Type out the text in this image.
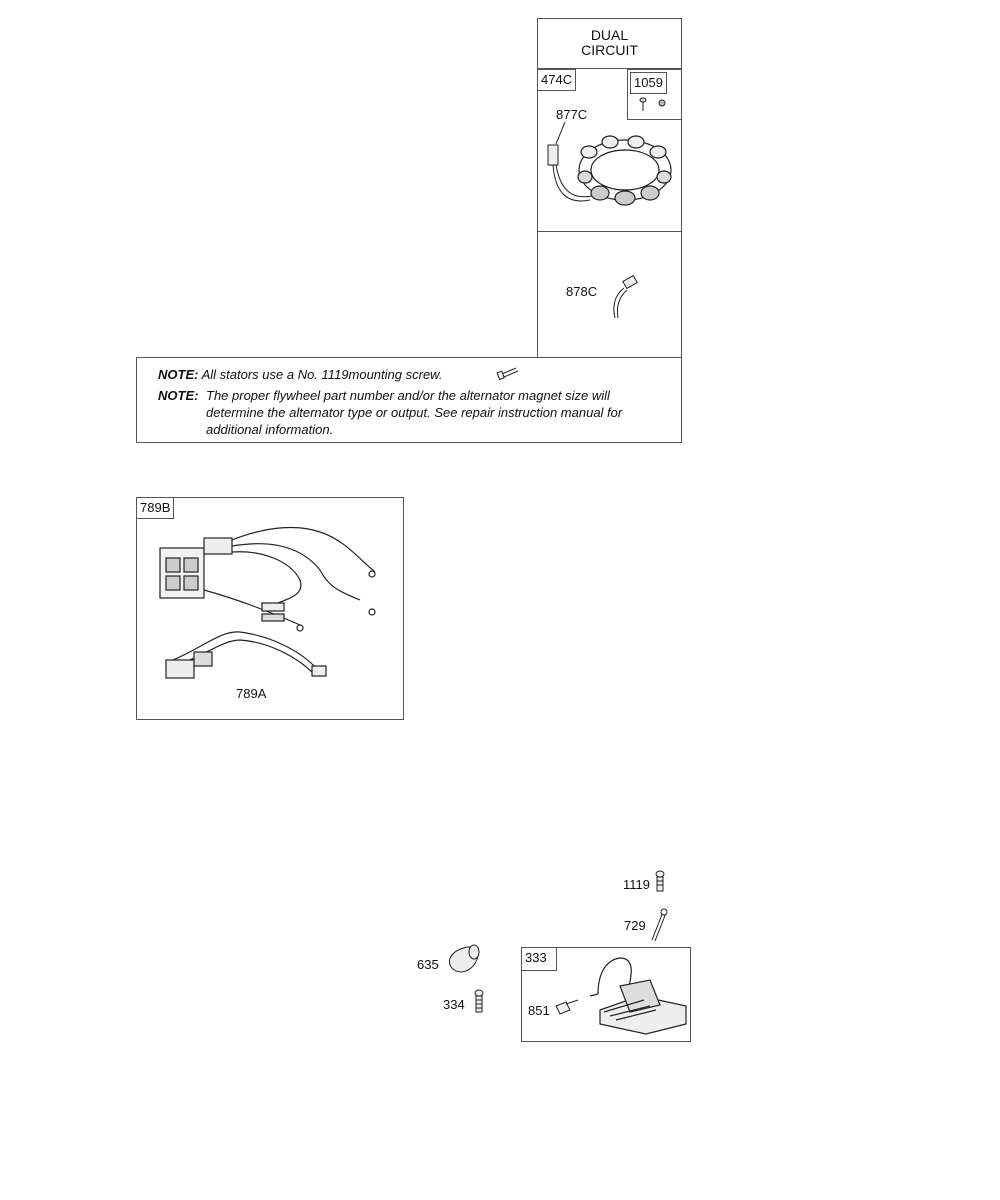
DUAL
CIRCUIT
474C	1059
877C
878C
NOTE: All stators use a No. 1119mounting screw.
NOTE: The proper flywheel part number and/or the alternator magnet size will determine the alternator type or output. See repair instruction manual for additional information.
789B
789A
1119
729
635
334
333
851
